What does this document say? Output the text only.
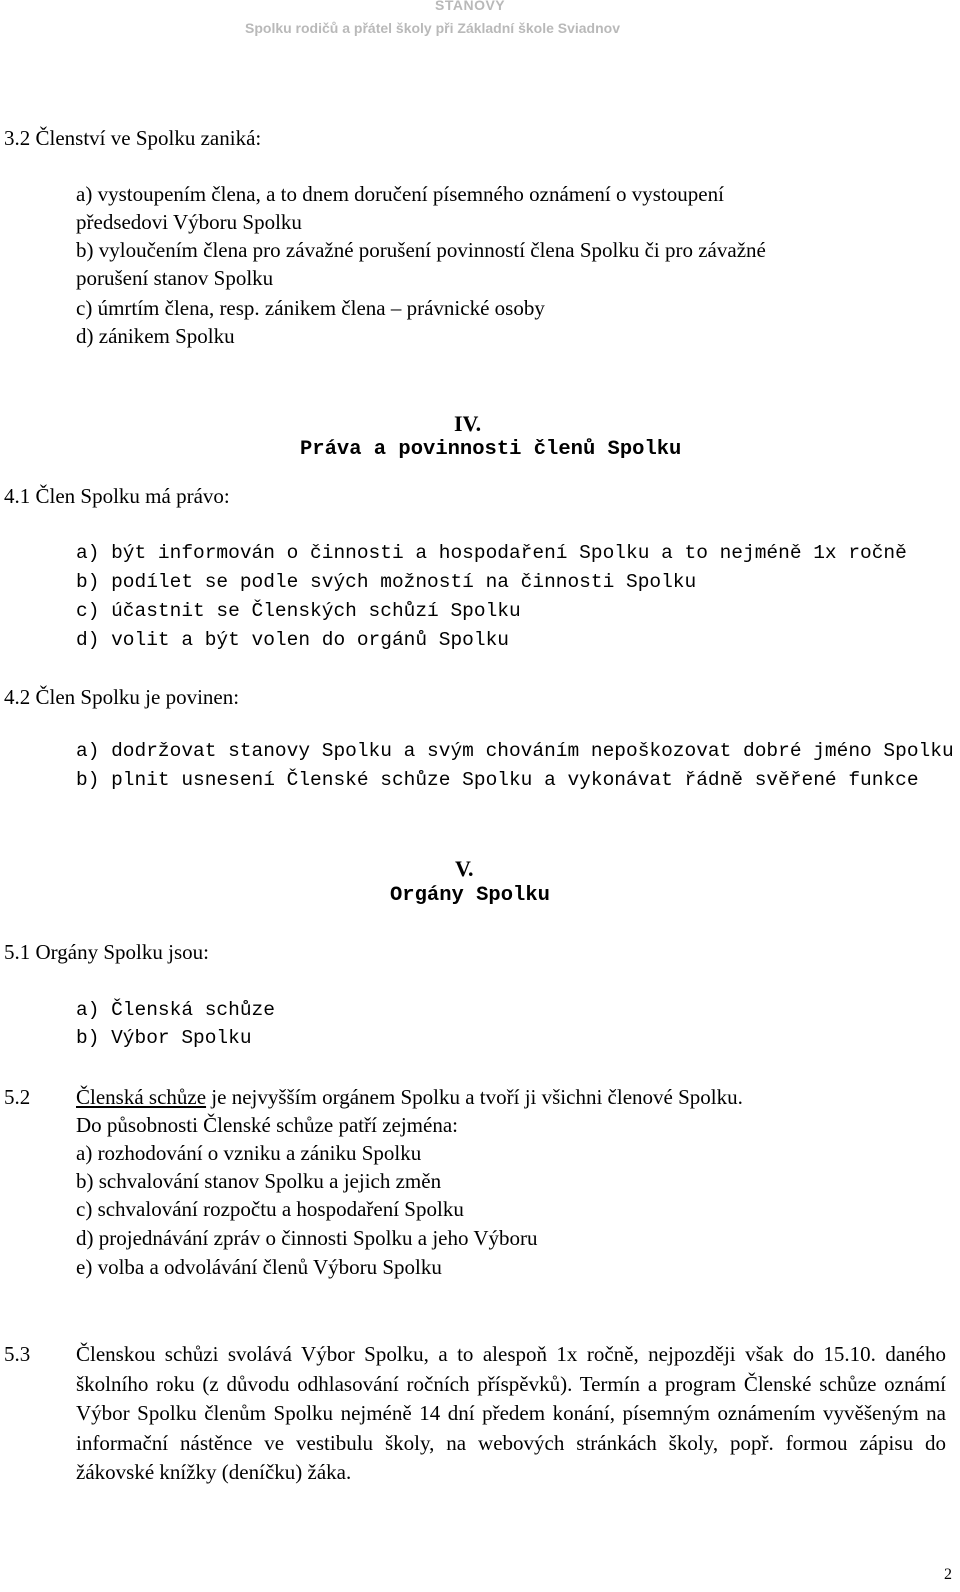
STANOVY
Spolku rodičů a přátel školy při Základní škole Sviadnov
3.2 Členství ve Spolku zaniká:
a) vystoupením člena, a to dnem doručení písemného oznámení o vystoupení
předsedovi Výboru Spolku
b) vyloučením člena pro závažné porušení povinností člena Spolku či pro závažné
porušení stanov Spolku
c) úmrtím člena, resp. zánikem člena – právnické osoby
d) zánikem Spolku
IV.
Práva a povinnosti členů Spolku
4.1 Člen Spolku má právo:
a) být informován o činnosti a hospodaření Spolku a to nejméně 1x ročně
b) podílet se podle svých možností na činnosti Spolku
c) účastnit se Členských schůzí Spolku
d) volit a být volen do orgánů Spolku
4.2 Člen Spolku je povinen:
a) dodržovat stanovy Spolku a svým chováním nepoškozovat dobré jméno Spolku
b) plnit usnesení Členské schůze Spolku a vykonávat řádně svěřené funkce
V.
Orgány Spolku
5.1 Orgány Spolku jsou:
a) Členská schůze
b) Výbor Spolku
5.2 Členská schůze je nejvyšším orgánem Spolku a tvoří ji všichni členové Spolku.
Do působnosti Členské schůze patří zejména:
a) rozhodování o vzniku a zániku Spolku
b) schvalování stanov Spolku a jejich změn
c) schvalování rozpočtu a hospodaření Spolku
d) projednávání zpráv o činnosti Spolku a jeho Výboru
e) volba a odvolávání členů Výboru Spolku
5.3 Členskou schůzi svolává Výbor Spolku, a to alespoň 1x ročně, nejpozději však do 15.10. daného školního roku (z důvodu odhlasování ročních příspěvků). Termín a program Členské schůze oznámí Výbor Spolku členům Spolku nejméně 14 dní předem konání, písemným oznámením vyvěšeným na informační nástěnce ve vestibulu školy, na webových stránkách školy, popř. formou zápisu do žákovské knížky (deníčku) žáka.
2
